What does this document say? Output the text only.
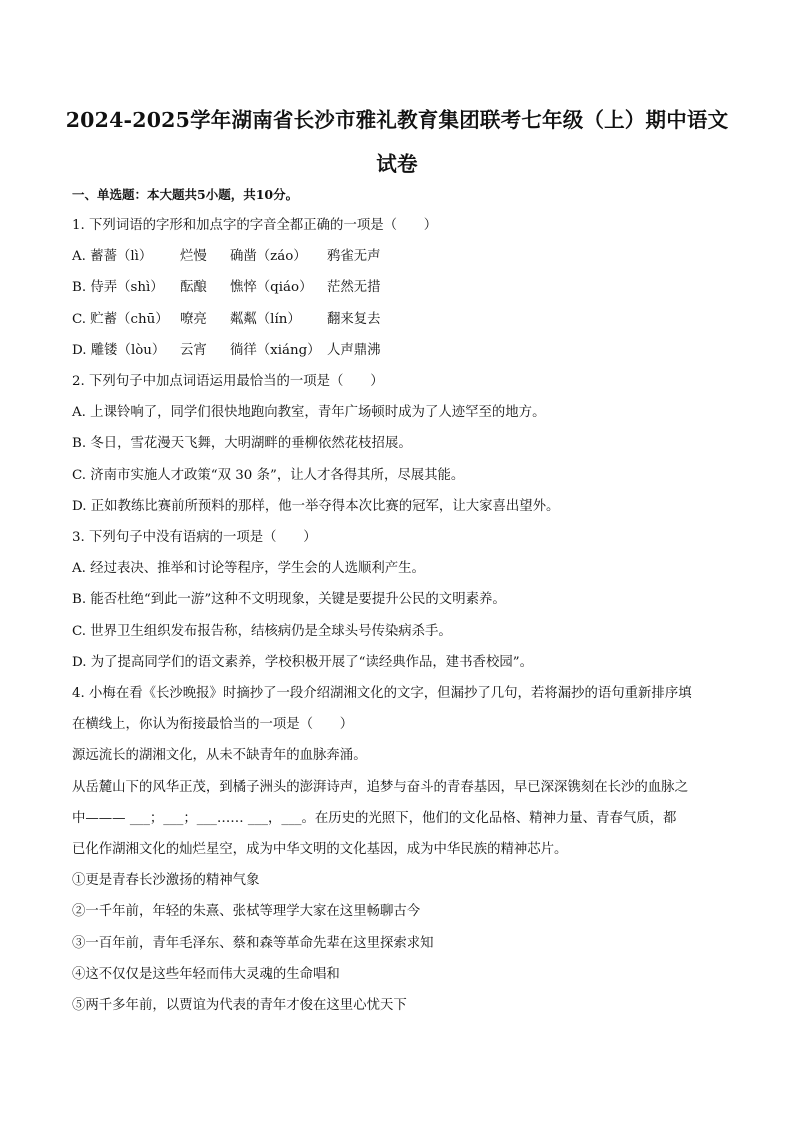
2024-2025学年湖南省长沙市雅礼教育集团联考七年级（上）期中语文试卷
一、单选题：本大题共5小题，共10分。
1. 下列词语的字形和加点字的字音全都正确的一项是（　　）
A. 蓄薔（lì） 烂慢 确凿（záo） 鸦雀无声
B. 侍弄（shì） 酝酿 憔悴（qiáo） 茫然无措
C. 贮蓄（chū） 嘹亮 粼粼（lín） 翻来复去
D. 雕镂（lòu） 云宵 徜徉（xiáng） 人声鼎沸
2. 下列句子中加点词语运用最恰当的一项是（　　）
A. 上课铃响了，同学们很快地跑向教室，青年广场顿时成为了人迹罕至的地方。
B. 冬日，雪花漫天飞舞，大明湖畔的垂柳依然花枝招展。
C. 济南市实施人才政策“双 30 条”，让人才各得其所，尽展其能。
D. 正如教练比赛前所预料的那样，他一举夺得本次比赛的冠军，让大家喜出望外。
3. 下列句子中没有语病的一项是（　　）
A. 经过表决、推举和讨论等程序，学生会的人选顺利产生。
B. 能否杜绝“到此一游”这种不文明现象，关键是要提升公民的文明素养。
C. 世界卫生组织发布报告称，结核病仍是全球头号传染病杀手。
D. 为了提高同学们的语文素养，学校积极开展了“读经典作品，建书香校园”。
4. 小梅在看《长沙晚报》时摘抄了一段介绍湖湘文化的文字，但漏抄了几句，若将漏抄的语句重新排序填
在横线上，你认为衔接最恰当的一项是（　　）
源远流长的湖湘文化，从未不缺青年的血脉奔涌。
从岳麓山下的风华正茂，到橘子洲头的澎湃诗声，追梦与奋斗的青春基因，早已深深镌刻在长沙的血脉之
中——— ___；___；___…… ___，___。在历史的光照下，他们的文化品格、精神力量、青春气质，都
已化作湖湘文化的灿烂星空，成为中华文明的文化基因，成为中华民族的精神芯片。
①更是青春长沙激扬的精神气象
②一千年前，年轻的朱熹、张栻等理学大家在这里畅聊古今
③一百年前，青年毛泽东、蔡和森等革命先辈在这里探索求知
④这不仅仅是这些年轻而伟大灵魂的生命唱和
⑤两千多年前，以贾谊为代表的青年才俊在这里心忧天下
